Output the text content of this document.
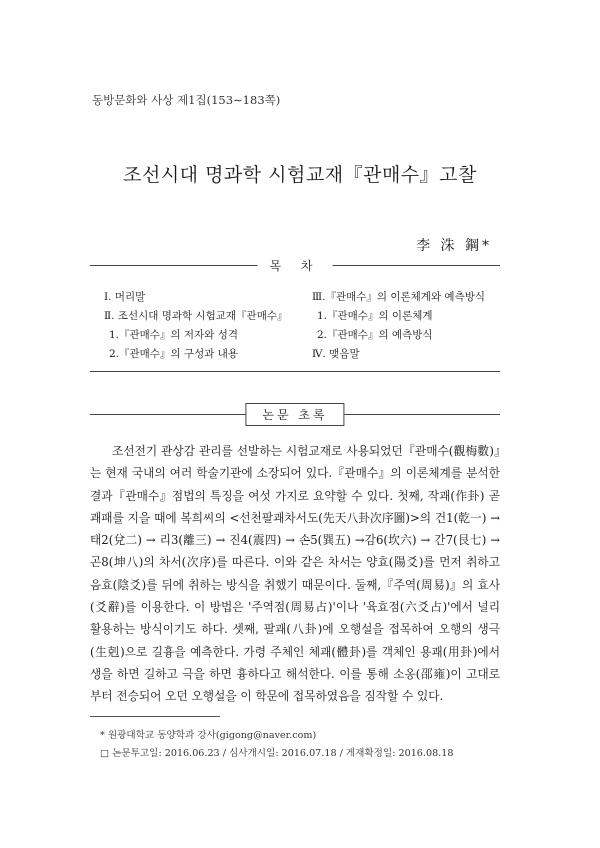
동방문화와 사상 제1집(153∼183쪽)
조선시대 명과학 시험교재『관매수』고찰
李 洙 鋼*
목 차
Ⅰ. 머리말
Ⅱ. 조선시대 명과학 시험교재『관매수』
1.『관매수』의 저자와 성격
2.『관매수』의 구성과 내용
Ⅲ.『관매수』의 이론체계와 예측방식
1.『관매수』의 이론체계
2.『관매수』의 예측방식
Ⅳ. 맺음말
논문 초록

조선전기 관상감 관리를 선발하는 시험교재로 사용되었던『관매수(觀梅數)』는 현재 국내의 여러 학술기관에 소장되어 있다.『관매수』의 이론체계를 분석한 결과『관매수』점법의 특징을 여섯 가지로 요약할 수 있다. 첫째, 작괘(作卦) 곧 괘패를 지을 때에 복희씨의 <선천팔괘차서도(先天八卦次序圖)>의 건1(乾一) → 태2(兌二) → 리3(離三) → 진4(震四) → 손5(巽五) →감6(坎六) → 간7(艮七) → 곤8(坤八)의 차서(次序)를 따른다. 이와 같은 차서는 양효(陽爻)를 먼저 취하고 음효(陰爻)를 뒤에 취하는 방식을 취했기 때문이다. 둘째,『주역(周易)』의 효사(爻辭)를 이용한다. 이 방법은 '주역점(周易占)'이나 '육효점(六爻占)'에서 널리 활용하는 방식이기도 하다. 셋째, 팔괘(八卦)에 오행설을 접목하여 오행의 생극(生剋)으로 길흉을 예측한다. 가령 주체인 체괘(體卦)를 객체인 용괘(用卦)에서 생을 하면 길하고 극을 하면 흉하다고 해석한다. 이를 통해 소옹(邵雍)이 고대로부터 전승되어 오던 오행설을 이 학문에 접목하였음을 짐작할 수 있다.

* 원광대학교 동양학과 강사(gigong@naver.com)
□ 논문투고일: 2016.06.23 / 심사개시일: 2016.07.18 / 게재확정일: 2016.08.18
